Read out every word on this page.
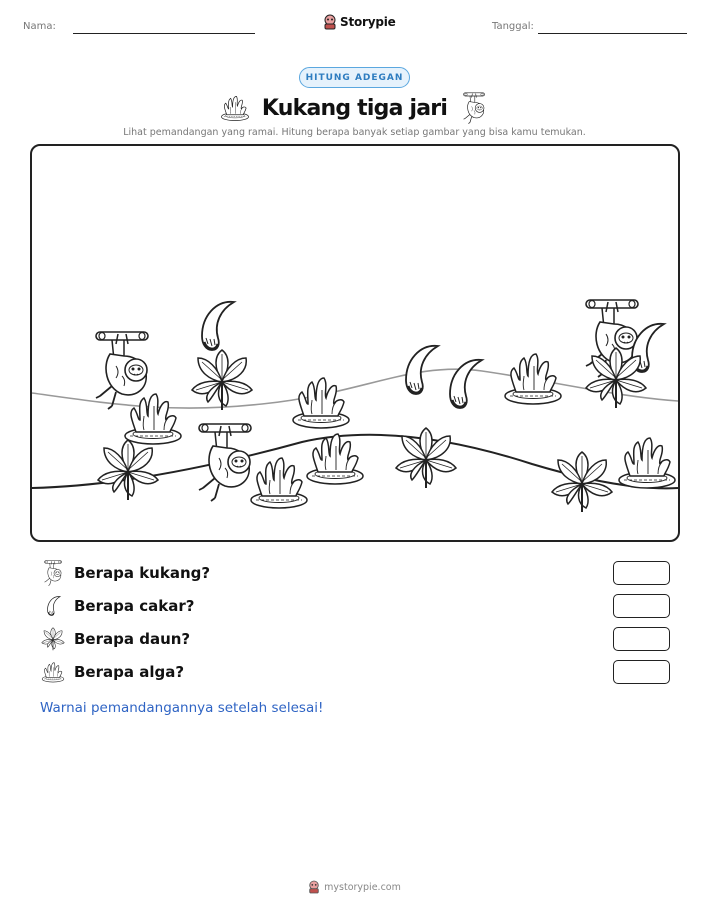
Nama:	Storypie	Tanggal:
HITUNG ADEGAN
Kukang tiga jari
Lihat pemandangan yang ramai. Hitung berapa banyak setiap gambar yang bisa kamu temukan.
Berapa kukang?
Berapa cakar?
Berapa daun?
Berapa alga?
Warnai pemandangannya setelah selesai!
mystorypie.com
